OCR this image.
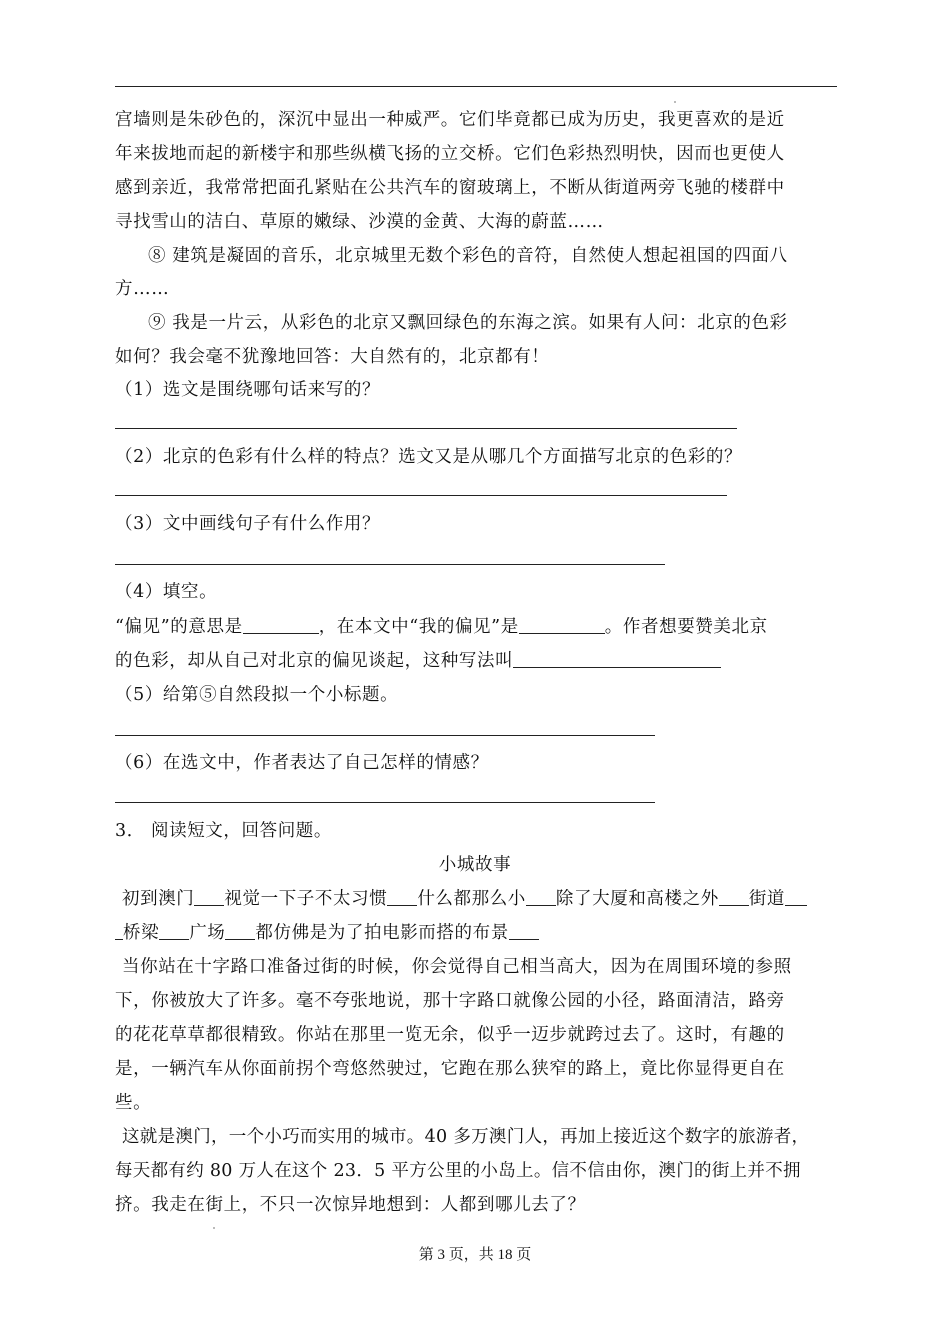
宫墙则是朱砂色的，深沉中显出一种威严。它们毕竟都已成为历史，我更喜欢的是近
年来拔地而起的新楼宇和那些纵横飞扬的立交桥。它们色彩热烈明快，因而也更使人
感到亲近，我常常把面孔紧贴在公共汽车的窗玻璃上，不断从街道两旁飞驰的楼群中
寻找雪山的洁白、草原的嫩绿、沙漠的金黄、大海的蔚蓝……
⑧ 建筑是凝固的音乐，北京城里无数个彩色的音符，自然使人想起祖国的四面八
方……
⑨ 我是一片云，从彩色的北京又飘回绿色的东海之滨。如果有人问：北京的色彩
如何？我会毫不犹豫地回答：大自然有的，北京都有！
（1）选文是围绕哪句话来写的？
（2）北京的色彩有什么样的特点？选文又是从哪几个方面描写北京的色彩的？
（3）文中画线句子有什么作用？
（4）填空。
“偏见”的意思是	，在本文中“我的偏见”是	。作者想要赞美北京
的色彩，却从自己对北京的偏见谈起，这种写法叫
（5）给第⑤自然段拟一个小标题。
（6）在选文中，作者表达了自己怎样的情感？
3． 阅读短文，回答问题。
小城故事
初到澳门 视觉一下子不太习惯 什么都那么小 除了大厦和高楼之外 街道
桥梁 广场 都仿佛是为了拍电影而搭的布景
当你站在十字路口准备过街的时候，你会觉得自己相当高大，因为在周围环境的参照
下，你被放大了许多。毫不夸张地说，那十字路口就像公园的小径，路面清洁，路旁
的花花草草都很精致。你站在那里一览无余，似乎一迈步就跨过去了。这时，有趣的
是，一辆汽车从你面前拐个弯悠然驶过，它跑在那么狭窄的路上，竟比你显得更自在
些。
这就是澳门，一个小巧而实用的城市。40 多万澳门人，再加上接近这个数字的旅游者，
每天都有约 80 万人在这个 23．5 平方公里的小岛上。信不信由你，澳门的街上并不拥
挤。我走在街上，不只一次惊异地想到：人都到哪儿去了？
第 3 页，共 18 页
